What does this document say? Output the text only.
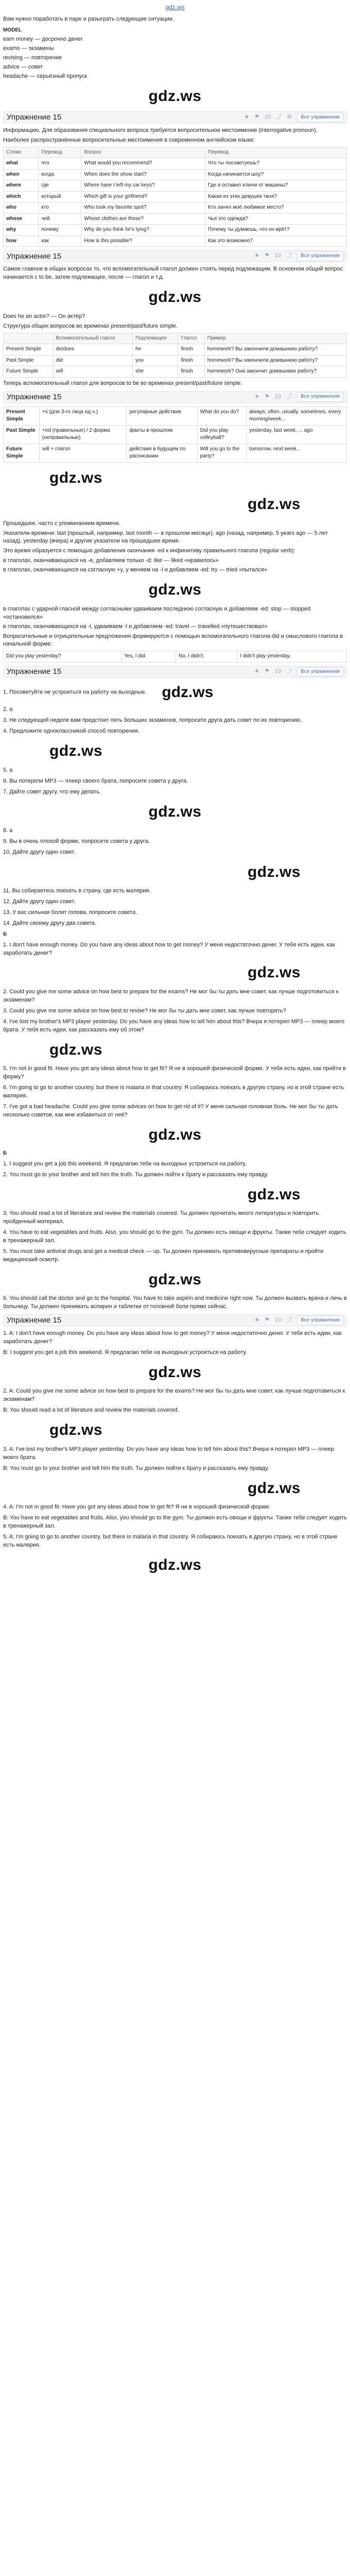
gdz.ws

Вам нужно поработать в паре и разыграть следующие ситуации.

MODEL

earn money — досрочно денег

exams — экзамены

revising — повторение

advice — совет

headache — серьёзный пропуск

gdz.ws
Упражнение 15	★ ⚑ 10 ⤴ ⚙	Все упражнения

Информацию. Для образования специального вопроса требуется вопросительное местоимение (interrogative pronoun).

Наиболее распространённые вопросительные местоимения в современном английском языке:

Слово	Перевод	Вопрос	Перевод
what	что	What would you recommend?	Что ты посоветуешь?
when	когда	When does the show start?	Когда начинается шоу?
where	где	Where have I left my car keys?	Где я оставил ключи от машины?
which	который	Which gift is your girlfriend?	Какая из этих девушек твоя?
who	кто	Who took my favorite spot?	Кто занял моё любимое место?
whose	чей	Whose clothes are those?	Чья это одежда?
why	почему	Why do you think he's lying?	Почему ты думаешь, что он врёт?
how	как	How is this possible?	Как это возможно?
Упражнение 15	★ ⚑ 10 ⤴	Все упражнения

Самое главное в общих вопросах то, что вспомогательный глагол должен стоять перед подлежащим. В основном общий вопрос начинается с to be, затем подлежащее, после — глагол и т.д.

gdz.ws

Does he an actor? — Он актёр?

Структура общих вопросов во временах present/past/future simple.

	Вспомогательный глагол	Подлежащее	Глагол	Пример
Present Simple	do/does	he	finish	homework? Вы закончили домашнюю работу?
Past Simple	did	you	finish	homework? Вы закончили домашнюю работу?
Future Simple	will	she	finish	homework? Она закончит домашнюю работу?

Теперь вспомогательный глагол для вопросов to be во временах present/past/future simple.

Упражнение 15	★ ⚑ 10 ⤴	Все упражнения
Present Simple	+s (для 3-го лица ед.ч.)	регулярные действия	What do you do?	always, often, usually, sometimes, every morning/week...
Past Simple	+ed (правильные) / 2 форма (неправильные)	факты в прошлом	Did you play volleyball?	yesterday, last week, ... ago
Future Simple	will + глагол	действия в будущем по расписанию	Will you go to the party?	tomorrow, next week...
gdz.ws
gdz.ws

Прошедшее, часто с упоминанием времени.

Указатели времени: last (прошлый, например, last month — в прошлом месяце), ago (назад, например, 5 years ago — 5 лет назад), yesterday (вчера) и другие указатели на прошедшее время.

Это время образуется с помощью добавления окончания -ed к инфинитиву правильного глагола (regular verb):

в глаголах, оканчивающихся на -e, добавляем только -d: like — liked «нравилось»

в глаголах, оканчивающихся на согласную +y, у меняем на -i и добавляем -ed: try — tried «пытался»

gdz.ws

в глаголах с ударной гласной между согласными удваиваем последнюю согласную и добавляем -ed: stop — stopped «остановился»

в глаголах, оканчивающихся на -l, удваиваем -l и добавляем -ed: travel — travelled «путешествовал»

Вопросительные и отрицательные предложения формируются с помощью вспомогательного глагола did и смыслового глагола в начальной форме:

Did you play yesterday?	Yes, I did.	No, I didn't.	I didn't play yesterday.
Упражнение 15	★ ⚑ 10 ⤴	Все упражнения

1. Посоветуйте не устроиться на работу на выходные. gdz.ws

2. а

3. Не следующей неделе вам предстоит пять больших экзаменов, попросите друга дать совет по их повторению.

4. Предложите одноклассникой способ повторения.

gdz.ws

5. а

6. Вы потеряли MP3 — плеер своего брата, попросите совета у друга.

7. Дайте совет другу, что ему делать.

gdz.ws

8. а

9. Вы в очень плохой форме, попросите совета у друга.

10. Дайте другу один совет.

gdz.ws

11. Вы собираетесь поехать в страну, где есть малярия.

12. Дайте другу один совет.

13. У вас сильная болит голова, попросите совета.

14. Дайте своему другу два совета.

Б

1. I don't have enough money. Do you have any ideas about how to get money? У меня недостаточно денег. У тебя есть идеи, как заработать денег?

gdz.ws

2. Could you give me some advice on how best to prepare for the exams? Не мог бы ты дать мне совет, как лучше подготовиться к экзаменам?

3. Could you give me some advice on how best to revise? Не мог бы ты дать мне совет, как лучше повторять?

4. I've lost my brother's MP3 player yesterday. Do you have any ideas how to tell him about this? Вчера я потерял MP3 — плеер моего брата. У тебя есть идеи, как рассказать ему об этом?

gdz.ws

5. I'm not in good fit. Have you got any ideas about how to get fit? Я не в хорошей физической форме. У тебя есть идеи, как прийти в форму?

6. I'm going to go to another country, but there is malaria in that country. Я собираюсь поехать в другую страну, но в этой стране есть малярия.

7. I've got a bad headache. Could you give some advices on how to get rid of it? У меня сильная головная боль. Не мог бы ты дать несколько советов, как мне избавиться от неё?

gdz.ws
Б

1. I suggest you get a job this weekend. Я предлагаю тебе на выходных устроиться на работу.

2. You must go to your brother and tell him the truth. Ты должен пойти к брату и рассказать ему правду.

gdz.ws

3. You should read a lot of literature and review the materials covered. Ты должен прочитать много литературы и повторить пройденный материал.

4. You have to eat vegetables and fruits. Also, you should go to the gym. Ты должен есть овощи и фрукты. Также тебе следует ходить в тренажерный зал.

5. You must take antiviral drugs and get a medical check — up. Ты должен принимать противовирусные препараты и пройти медицинский осмотр.

gdz.ws

6. You should call the doctor and go to the hospital. You have to take aspirin and medicine right now. Ты должен вызвать врача и лечь в больницу. Ты должен принимать аспирин и таблетки от головной боли прямо сейчас.

Упражнение 15	★ ⚑ 10 ⤴	Все упражнения

1. A: I don't have enough money. Do you have any ideas about how to get money? У меня недостаточно денег. У тебя есть идеи, как заработать денег?

B: I suggest you get a job this weekend. Я предлагаю тебе на выходных устроиться на работу.

gdz.ws

2. A: Could you give me some advice on how best to prepare for the exams? Не мог бы ты дать мне совет, как лучше подготовиться к экзаменам?

B: You should read a lot of literature and review the materials covered.

gdz.ws

3. A: I've lost my brother's MP3 player yesterday. Do you have any ideas how to tell him about this? Вчера я потерял MP3 — плеер моего брата.

B: You must go to your brother and tell him the truth. Ты должен пойти к брату и рассказать ему правду.

gdz.ws

4. A: I'm not in good fit. Have you got any ideas about how to get fit? Я не в хорошей физической форме.

B: You have to eat vegetables and fruits. Also, you should go to the gym. Ты должен есть овощи и фрукты. Также тебе следует ходить в тренажерный зал.

5. A: I'm going to go to another country, but there is malaria in that country. Я собираюсь поехать в другую страну, но в этой стране есть малярия.

gdz.ws
